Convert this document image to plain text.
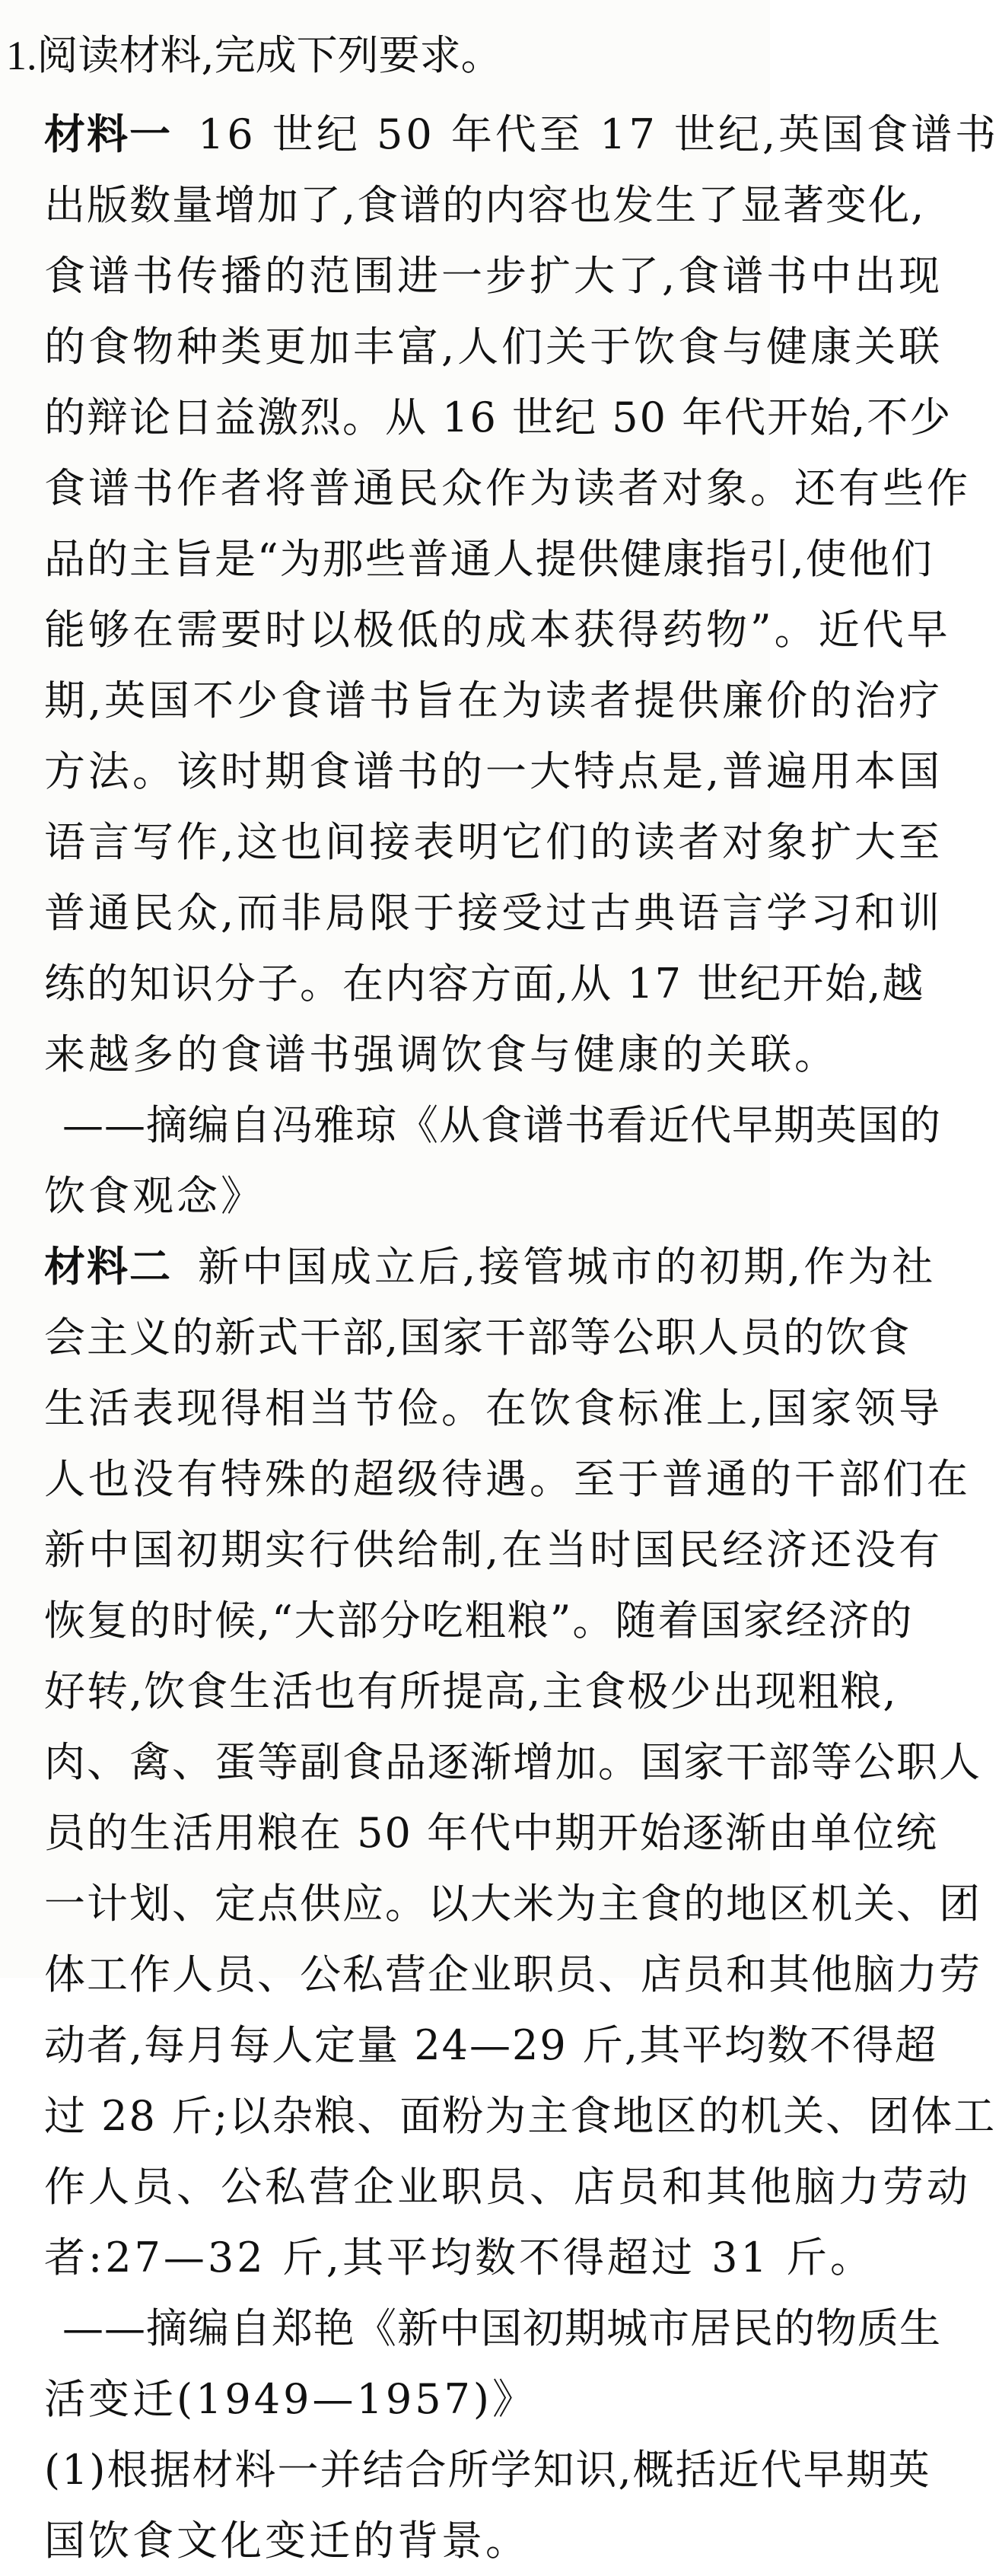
1.阅读材料,完成下列要求。
材料一 16 世纪 50 年代至 17 世纪,英国食谱书
出版数量增加了,食谱的内容也发生了显著变化,
食谱书传播的范围进一步扩大了,食谱书中出现
的食物种类更加丰富,人们关于饮食与健康关联
的辩论日益激烈。从 16 世纪 50 年代开始,不少
食谱书作者将普通民众作为读者对象。还有些作
品的主旨是“为那些普通人提供健康指引,使他们
能够在需要时以极低的成本获得药物”。近代早
期,英国不少食谱书旨在为读者提供廉价的治疗
方法。该时期食谱书的一大特点是,普遍用本国
语言写作,这也间接表明它们的读者对象扩大至
普通民众,而非局限于接受过古典语言学习和训
练的知识分子。在内容方面,从 17 世纪开始,越
来越多的食谱书强调饮食与健康的关联。
——摘编自冯雅琼《从食谱书看近代早期英国的
饮食观念》
材料二 新中国成立后,接管城市的初期,作为社
会主义的新式干部,国家干部等公职人员的饮食
生活表现得相当节俭。在饮食标准上,国家领导
人也没有特殊的超级待遇。至于普通的干部们在
新中国初期实行供给制,在当时国民经济还没有
恢复的时候,“大部分吃粗粮”。随着国家经济的
好转,饮食生活也有所提高,主食极少出现粗粮,
肉、禽、蛋等副食品逐渐增加。国家干部等公职人
员的生活用粮在 50 年代中期开始逐渐由单位统
一计划、定点供应。以大米为主食的地区机关、团
体工作人员、公私营企业职员、店员和其他脑力劳
动者,每月每人定量 24—29 斤,其平均数不得超
过 28 斤;以杂粮、面粉为主食地区的机关、团体工
作人员、公私营企业职员、店员和其他脑力劳动
者:27—32 斤,其平均数不得超过 31 斤。
——摘编自郑艳《新中国初期城市居民的物质生
活变迁(1949—1957)》
(1)根据材料一并结合所学知识,概括近代早期英
国饮食文化变迁的背景。
